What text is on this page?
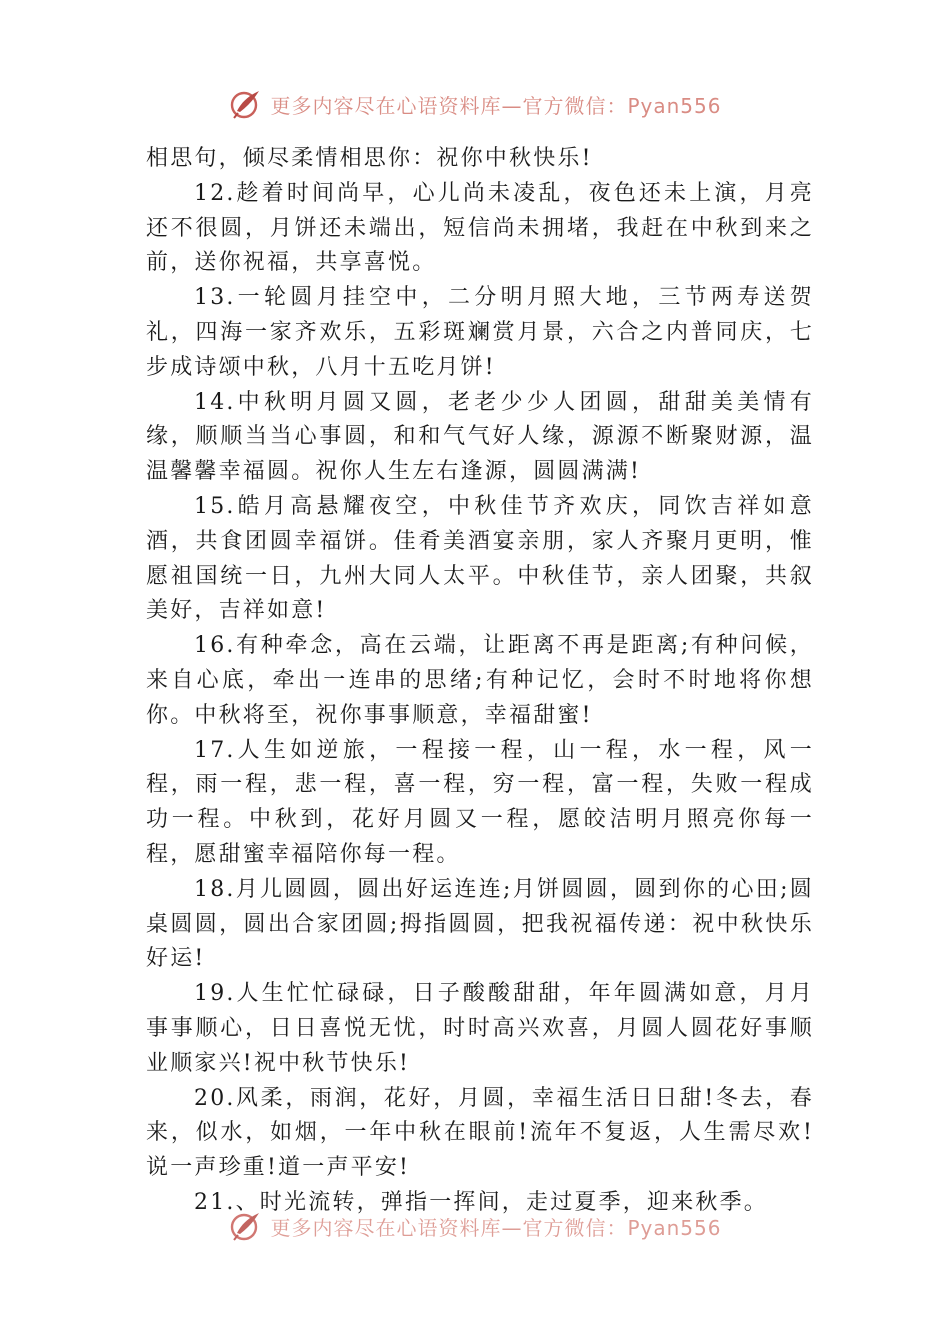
更多内容尽在心语资料库—官方微信：Pyan556

相思句，倾尽柔情相思你：祝你中秋快乐!

12.趁着时间尚早，心儿尚未凌乱，夜色还未上演，月亮还不很圆，月饼还未端出，短信尚未拥堵，我赶在中秋到来之前，送你祝福，共享喜悦。

13.一轮圆月挂空中，二分明月照大地，三节两寿送贺礼，四海一家齐欢乐，五彩斑斓赏月景，六合之内普同庆，七步成诗颂中秋，八月十五吃月饼!

14.中秋明月圆又圆，老老少少人团圆，甜甜美美情有缘，顺顺当当心事圆，和和气气好人缘，源源不断聚财源，温温馨馨幸福圆。祝你人生左右逢源，圆圆满满!

15.皓月高悬耀夜空，中秋佳节齐欢庆，同饮吉祥如意酒，共食团圆幸福饼。佳肴美酒宴亲朋，家人齐聚月更明，惟愿祖国统一日，九州大同人太平。中秋佳节，亲人团聚，共叙美好，吉祥如意!

16.有种牵念，高在云端，让距离不再是距离;有种问候，来自心底，牵出一连串的思绪;有种记忆，会时不时地将你想你。中秋将至，祝你事事顺意，幸福甜蜜!

17.人生如逆旅，一程接一程，山一程，水一程，风一程，雨一程，悲一程，喜一程，穷一程，富一程，失败一程成功一程。中秋到，花好月圆又一程，愿皎洁明月照亮你每一程，愿甜蜜幸福陪你每一程。

18.月儿圆圆，圆出好运连连;月饼圆圆，圆到你的心田;圆桌圆圆，圆出合家团圆;拇指圆圆，把我祝福传递：祝中秋快乐好运!

19.人生忙忙碌碌，日子酸酸甜甜，年年圆满如意，月月事事顺心，日日喜悦无忧，时时高兴欢喜，月圆人圆花好事顺业顺家兴!祝中秋节快乐!

20.风柔，雨润，花好，月圆，幸福生活日日甜!冬去，春来，似水，如烟，一年中秋在眼前!流年不复返，人生需尽欢!说一声珍重!道一声平安!

21.、时光流转，弹指一挥间，走过夏季，迎来秋季。

更多内容尽在心语资料库—官方微信：Pyan556
